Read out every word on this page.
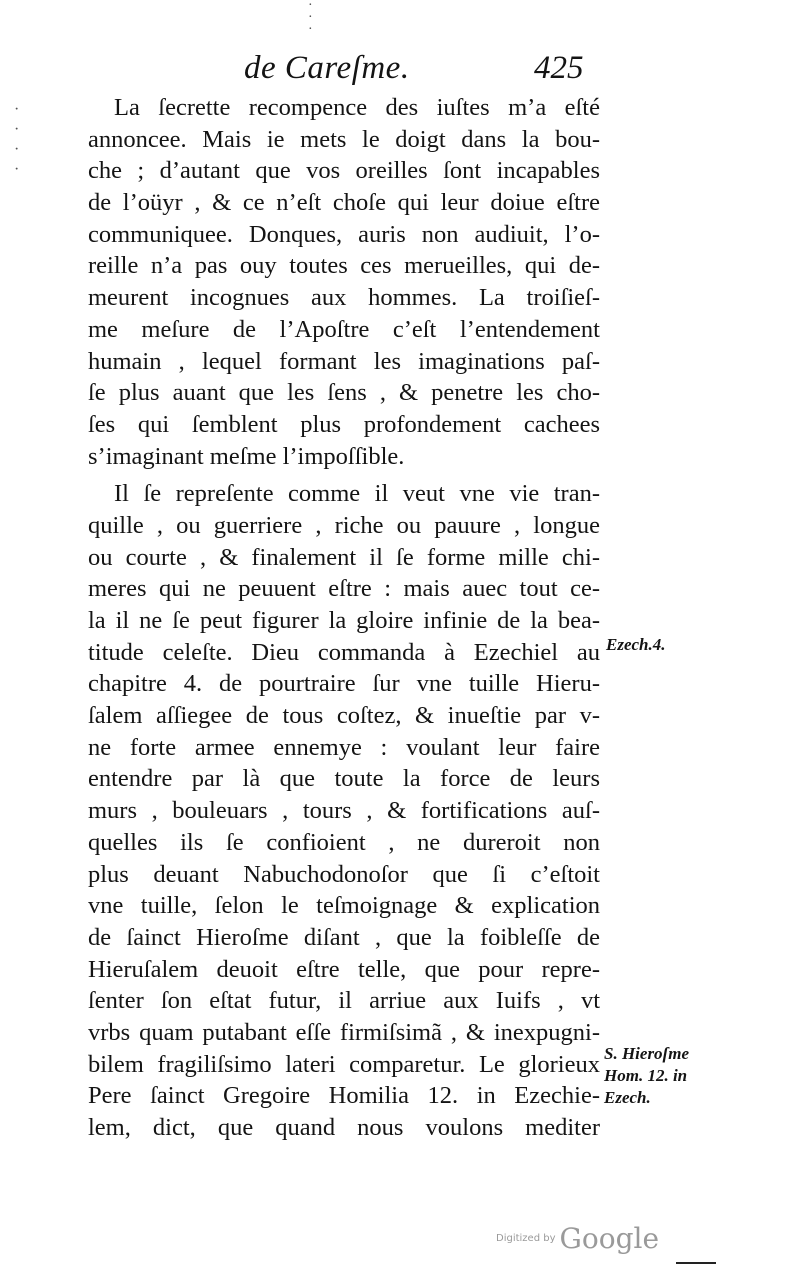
·
·
·
·
·
·
·
de Careſme.	425
La ſecrette recompence des iuſtes m’a eſté
annoncee. Mais ie mets le doigt dans la bou-
che ; d’autant que vos oreilles ſont incapables
de l’oüyr , & ce n’eſt choſe qui leur doiue eſtre
communiquee. Donques, auris non audiuit, l’o-
reille n’a pas ouy toutes ces merueilles, qui de-
meurent incognues aux hommes. La troiſieſ-
me meſure de l’Apoſtre c’eſt l’entendement
humain , lequel formant les imaginations paſ-
ſe plus auant que les ſens , & penetre les cho-
ſes qui ſemblent plus profondement cachees
s’imaginant meſme l’impoſſible.
Il ſe repreſente comme il veut vne vie tran-
quille , ou guerriere , riche ou pauure , longue
ou courte , & finalement il ſe forme mille chi-
meres qui ne peuuent eſtre : mais auec tout ce-
la il ne ſe peut figurer la gloire infinie de la bea-
titude celeſte. Dieu commanda à Ezechiel au
chapitre 4. de pourtraire ſur vne tuille Hieru-
ſalem aſſiegee de tous coſtez, & inueſtie par v-
ne forte armee ennemye : voulant leur faire
entendre par là que toute la force de leurs
murs , bouleuars , tours , & fortifications auſ-
quelles ils ſe confioient , ne dureroit non
plus deuant Nabuchodonoſor que ſi c’eſtoit
vne tuille, ſelon le teſmoignage & explication
de ſainct Hieroſme diſant , que la foibleſſe de
Hieruſalem deuoit eſtre telle, que pour repre-
ſenter ſon eſtat futur, il arriue aux Iuifs , vt
vrbs quam putabant eſſe firmiſsimã , & inexpugni-
bilem fragiliſsimo lateri comparetur. Le glorieux
Pere ſainct Gregoire Homilia 12. in Ezechie-
lem, dict, que quand nous voulons mediter
Ezech.4.
S. Hieroſme
Hom. 12. in
Ezech.
Digitized by Google
